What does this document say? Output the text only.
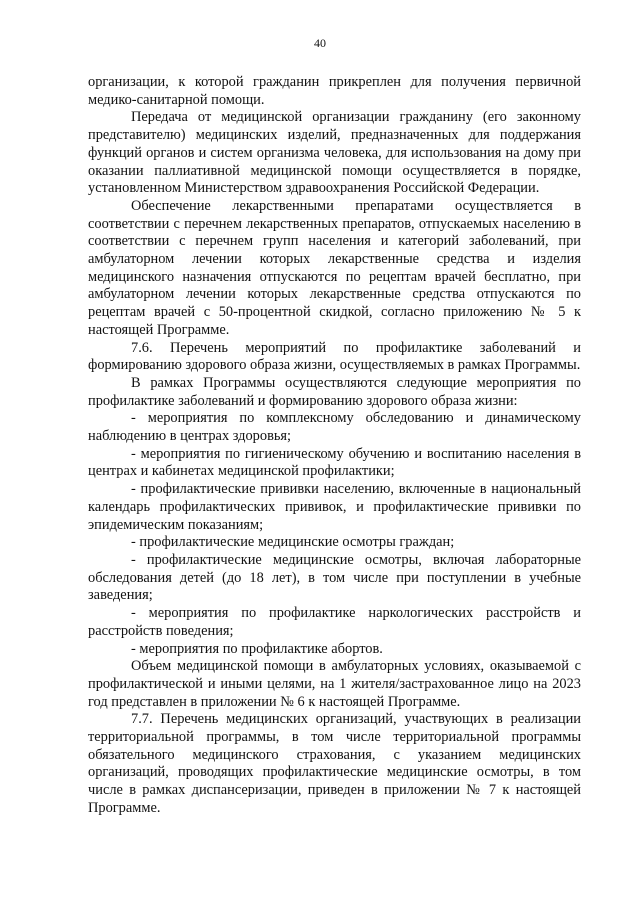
40

организации, к которой гражданин прикреплен для получения первичной медико-санитарной помощи.

Передача от медицинской организации гражданину (его законному представителю) медицинских изделий, предназначенных для поддержания функций органов и систем организма человека, для использования на дому при оказании паллиативной медицинской помощи осуществляется в порядке, установленном Министерством здравоохранения Российской Федерации.

Обеспечение лекарственными препаратами осуществляется в соответствии с перечнем лекарственных препаратов, отпускаемых населению в соответствии с перечнем групп населения и категорий заболеваний, при амбулаторном лечении которых лекарственные средства и изделия медицинского назначения отпускаются по рецептам врачей бесплатно, при амбулаторном лечении которых лекарственные средства отпускаются по рецептам врачей с 50-процентной скидкой, согласно приложению № 5 к настоящей Программе.

7.6. Перечень мероприятий по профилактике заболеваний и формированию здорового образа жизни, осуществляемых в рамках Программы.

В рамках Программы осуществляются следующие мероприятия по профилактике заболеваний и формированию здорового образа жизни:

- мероприятия по комплексному обследованию и динамическому наблюдению в центрах здоровья;

- мероприятия по гигиеническому обучению и воспитанию населения в центрах и кабинетах медицинской профилактики;

- профилактические прививки населению, включенные в национальный календарь профилактических прививок, и профилактические прививки по эпидемическим показаниям;

- профилактические медицинские осмотры граждан;

- профилактические медицинские осмотры, включая лабораторные обследования детей (до 18 лет), в том числе при поступлении в учебные заведения;

- мероприятия по профилактике наркологических расстройств и расстройств поведения;

- мероприятия по профилактике абортов.

Объем медицинской помощи в амбулаторных условиях, оказываемой с профилактической и иными целями, на 1 жителя/застрахованное лицо на 2023 год представлен в приложении № 6 к настоящей Программе.

7.7. Перечень медицинских организаций, участвующих в реализации территориальной программы, в том числе территориальной программы обязательного медицинского страхования, с указанием медицинских организаций, проводящих профилактические медицинские осмотры, в том числе в рамках диспансеризации, приведен в приложении № 7 к настоящей Программе.
